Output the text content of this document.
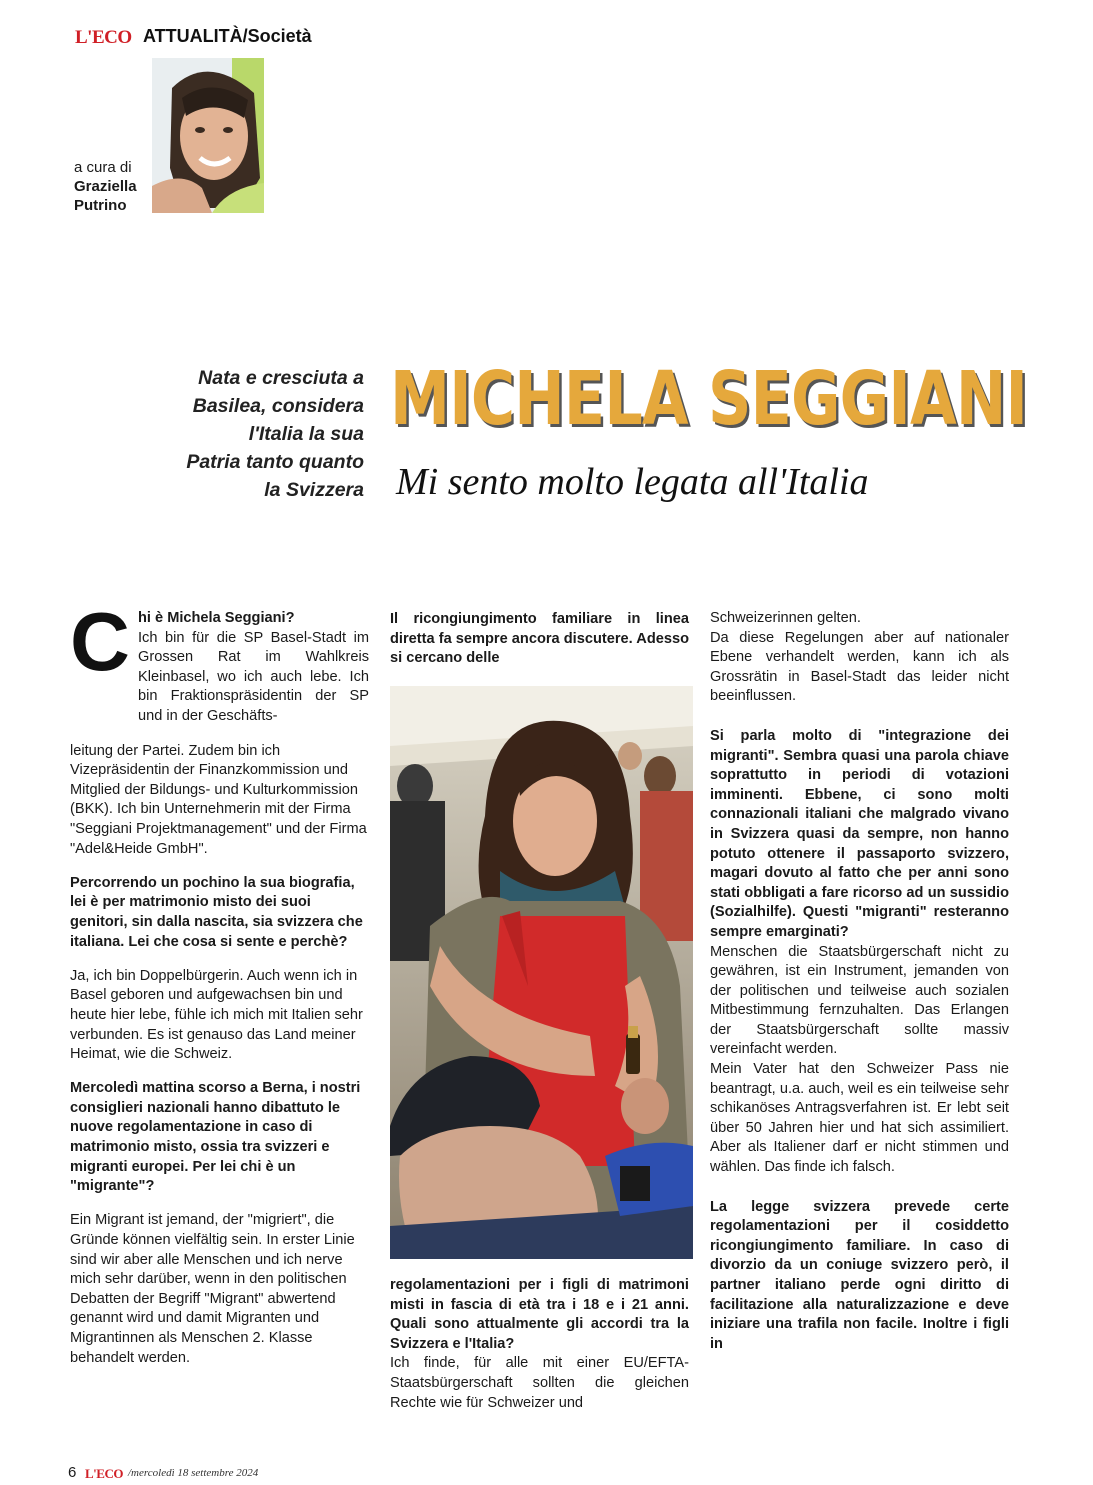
L'ECO ATTUALITÀ/Società
a cura di
Graziella
Putrino
Nata e cresciuta a
Basilea, considera
l'Italia la sua
Patria tanto quanto
la Svizzera
MICHELA SEGGIANI
Mi sento molto legata all'Italia
C hi è Michela Seggiani?

Ich bin für die SP Basel-Stadt im Grossen Rat im Wahlkreis Kleinbasel, wo ich auch lebe. Ich bin Fraktionspräsidentin der SP und in der Geschäfts-

leitung der Partei. Zudem bin ich Vizepräsidentin der Finanzkommission und Mitglied der Bildungs- und Kulturkommission (BKK). Ich bin Unternehmerin mit der Firma "Seggiani Projektmanagement" und der Firma "Adel&Heide GmbH".

Percorrendo un pochino la sua biografia, lei è per matrimonio misto dei suoi genitori, sin dalla nascita, sia svizzera che italiana. Lei che cosa si sente e perchè?

Ja, ich bin Doppelbürgerin. Auch wenn ich in Basel geboren und aufgewachsen bin und heute hier lebe, fühle ich mich mit Italien sehr verbunden. Es ist genauso das Land meiner Heimat, wie die Schweiz.

Mercoledì mattina scorso a Berna, i nostri consiglieri nazionali hanno dibattuto le nuove regolamentazione in caso di matrimonio misto, ossia tra svizzeri e migranti europei. Per lei chi è un "migrante"?

Ein Migrant ist jemand, der "migriert", die Gründe können vielfältig sein. In erster Linie sind wir aber alle Menschen und ich nerve mich sehr darüber, wenn in den politischen Debatten der Begriff "Migrant" abwertend genannt wird und damit Migranten und Migrantinnen als Menschen 2. Klasse behandelt werden.

Il ricongiungimento familiare in linea diretta fa sempre ancora discutere. Adesso si cercano delle

regolamentazioni per i figli di matrimoni misti in fascia di età tra i 18 e i 21 anni. Quali sono attualmente gli accordi tra la Svizzera e l'Italia?

Ich finde, für alle mit einer EU/EFTA-Staatsbürgerschaft sollten die gleichen Rechte wie für Schweizer und

Schweizerinnen gelten.

Da diese Regelungen aber auf nationaler Ebene verhandelt werden, kann ich als Grossrätin in Basel-Stadt das leider nicht beeinflussen.

Si parla molto di "integrazione dei migranti". Sembra quasi una parola chiave soprattutto in periodi di votazioni imminenti. Ebbene, ci sono molti connazionali italiani che malgrado vivano in Svizzera quasi da sempre, non hanno potuto ottenere il passaporto svizzero, magari dovuto al fatto che per anni sono stati obbligati a fare ricorso ad un sussidio (Sozialhilfe). Questi "migranti" resteranno sempre emarginati?

Menschen die Staatsbürgerschaft nicht zu gewähren, ist ein Instrument, jemanden von der politischen und teilweise auch sozialen Mitbestimmung fernzuhalten. Das Erlangen der Staatsbürgerschaft sollte massiv vereinfacht werden.

Mein Vater hat den Schweizer Pass nie beantragt, u.a. auch, weil es ein teilweise sehr schikanöses Antragsverfahren ist. Er lebt seit über 50 Jahren hier und hat sich assimiliert. Aber als Italiener darf er nicht stimmen und wählen. Das finde ich falsch.

La legge svizzera prevede certe regolamentazioni per il cosiddetto ricongiungimento familiare. In caso di divorzio da un coniuge svizzero però, il partner italiano perde ogni diritto di facilitazione alla naturalizzazione e deve iniziare una trafila non facile. Inoltre i figli in

6 L'ECO /mercoledì 18 settembre 2024
